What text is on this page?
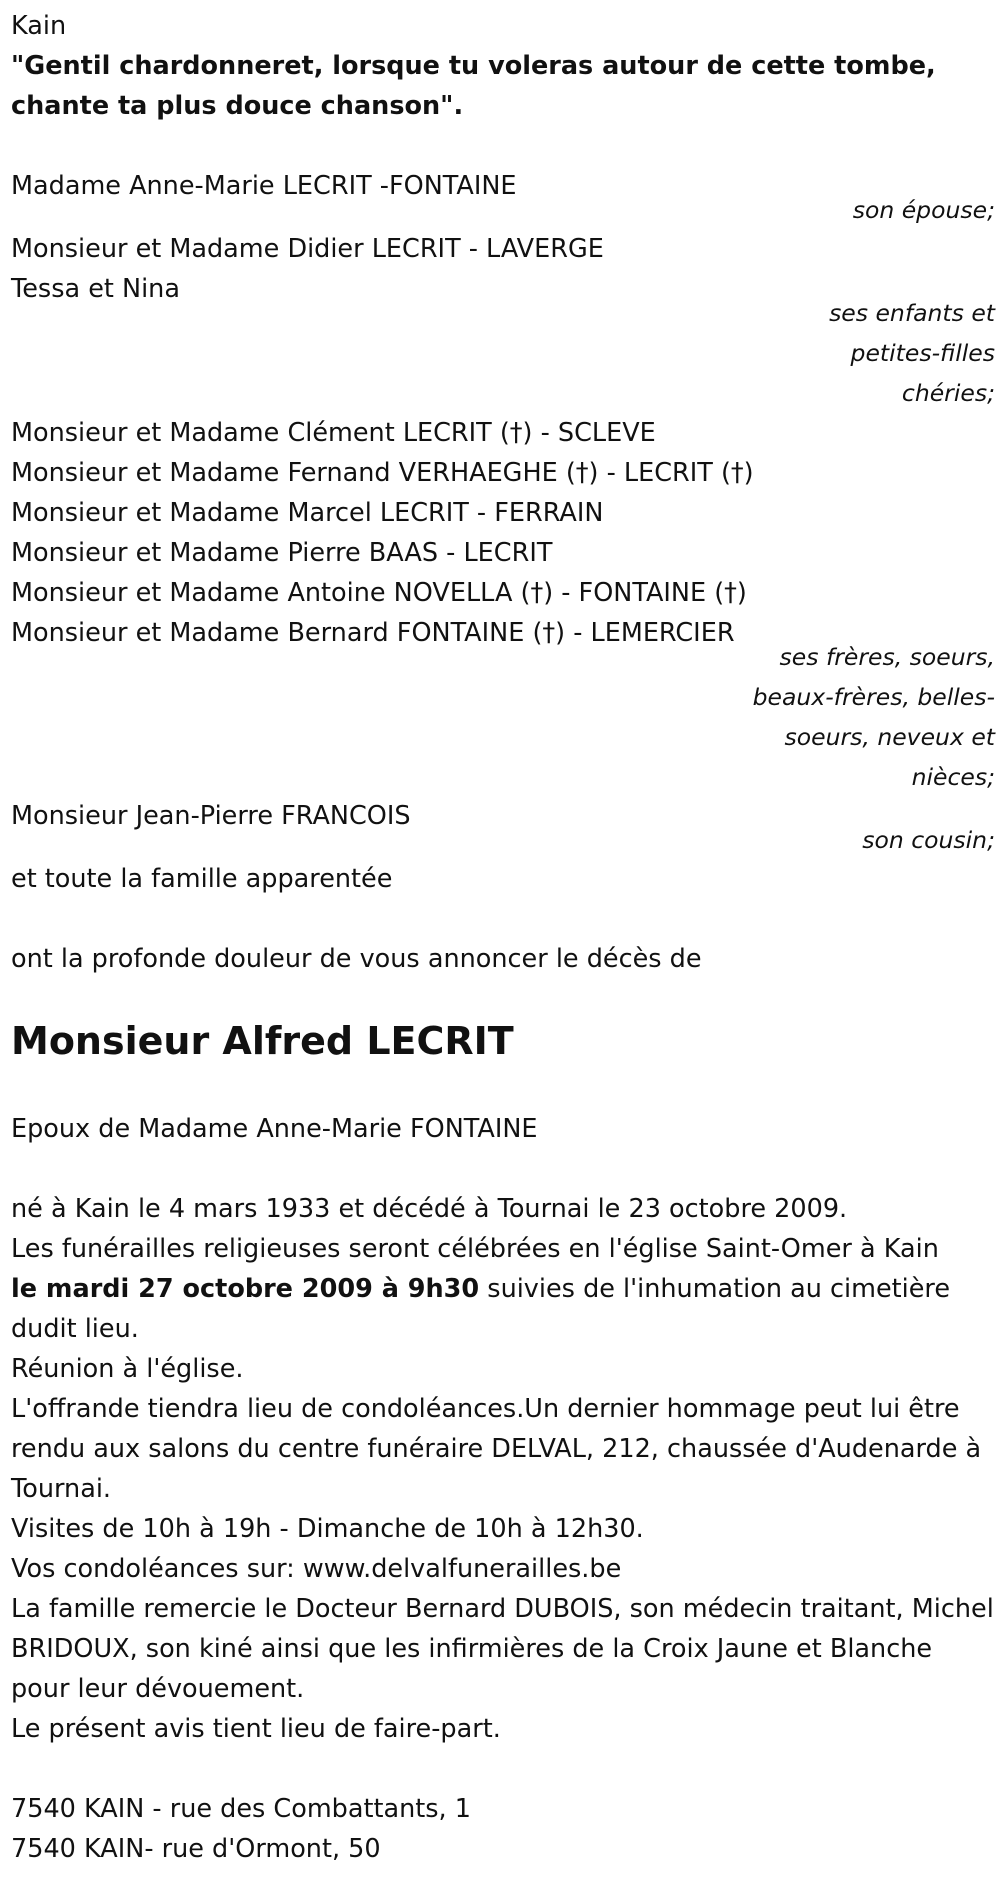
Kain

"Gentil chardonneret, lorsque tu voleras autour de cette tombe,

chante ta plus douce chanson".

Madame Anne-Marie LECRIT -FONTAINE

son épouse;

Monsieur et Madame Didier LECRIT - LAVERGE

Tessa et Nina

ses enfants et petites-filles chéries;

Monsieur et Madame Clément LECRIT (†) - SCLEVE

Monsieur et Madame Fernand VERHAEGHE (†) - LECRIT (†)

Monsieur et Madame Marcel LECRIT - FERRAIN

Monsieur et Madame Pierre BAAS - LECRIT

Monsieur et Madame Antoine NOVELLA (†) - FONTAINE (†)

Monsieur et Madame Bernard FONTAINE (†) - LEMERCIER

ses frères, soeurs, beaux-frères, belles-soeurs, neveux et nièces;

Monsieur Jean-Pierre FRANCOIS

son cousin;

et toute la famille apparentée

ont la profonde douleur de vous annoncer le décès de

Monsieur Alfred LECRIT

Epoux de Madame Anne-Marie FONTAINE

né à Kain le 4 mars 1933 et décédé à Tournai le 23 octobre 2009.
Les funérailles religieuses seront célébrées en l'église Saint-Omer à Kain
le mardi 27 octobre 2009 à 9h30 suivies de l'inhumation au cimetière dudit lieu.
Réunion à l'église.
L'offrande tiendra lieu de condoléances.Un dernier hommage peut lui être rendu aux salons du centre funéraire DELVAL, 212, chaussée d'Audenarde à Tournai.
Visites de 10h à 19h - Dimanche de 10h à 12h30.
Vos condoléances sur: www.delvalfunerailles.be
La famille remercie le Docteur Bernard DUBOIS, son médecin traitant, Michel BRIDOUX, son kiné ainsi que les infirmières de la Croix Jaune et Blanche pour leur dévouement.
Le présent avis tient lieu de faire-part.

7540 KAIN - rue des Combattants, 1

7540 KAIN- rue d'Ormont, 50
